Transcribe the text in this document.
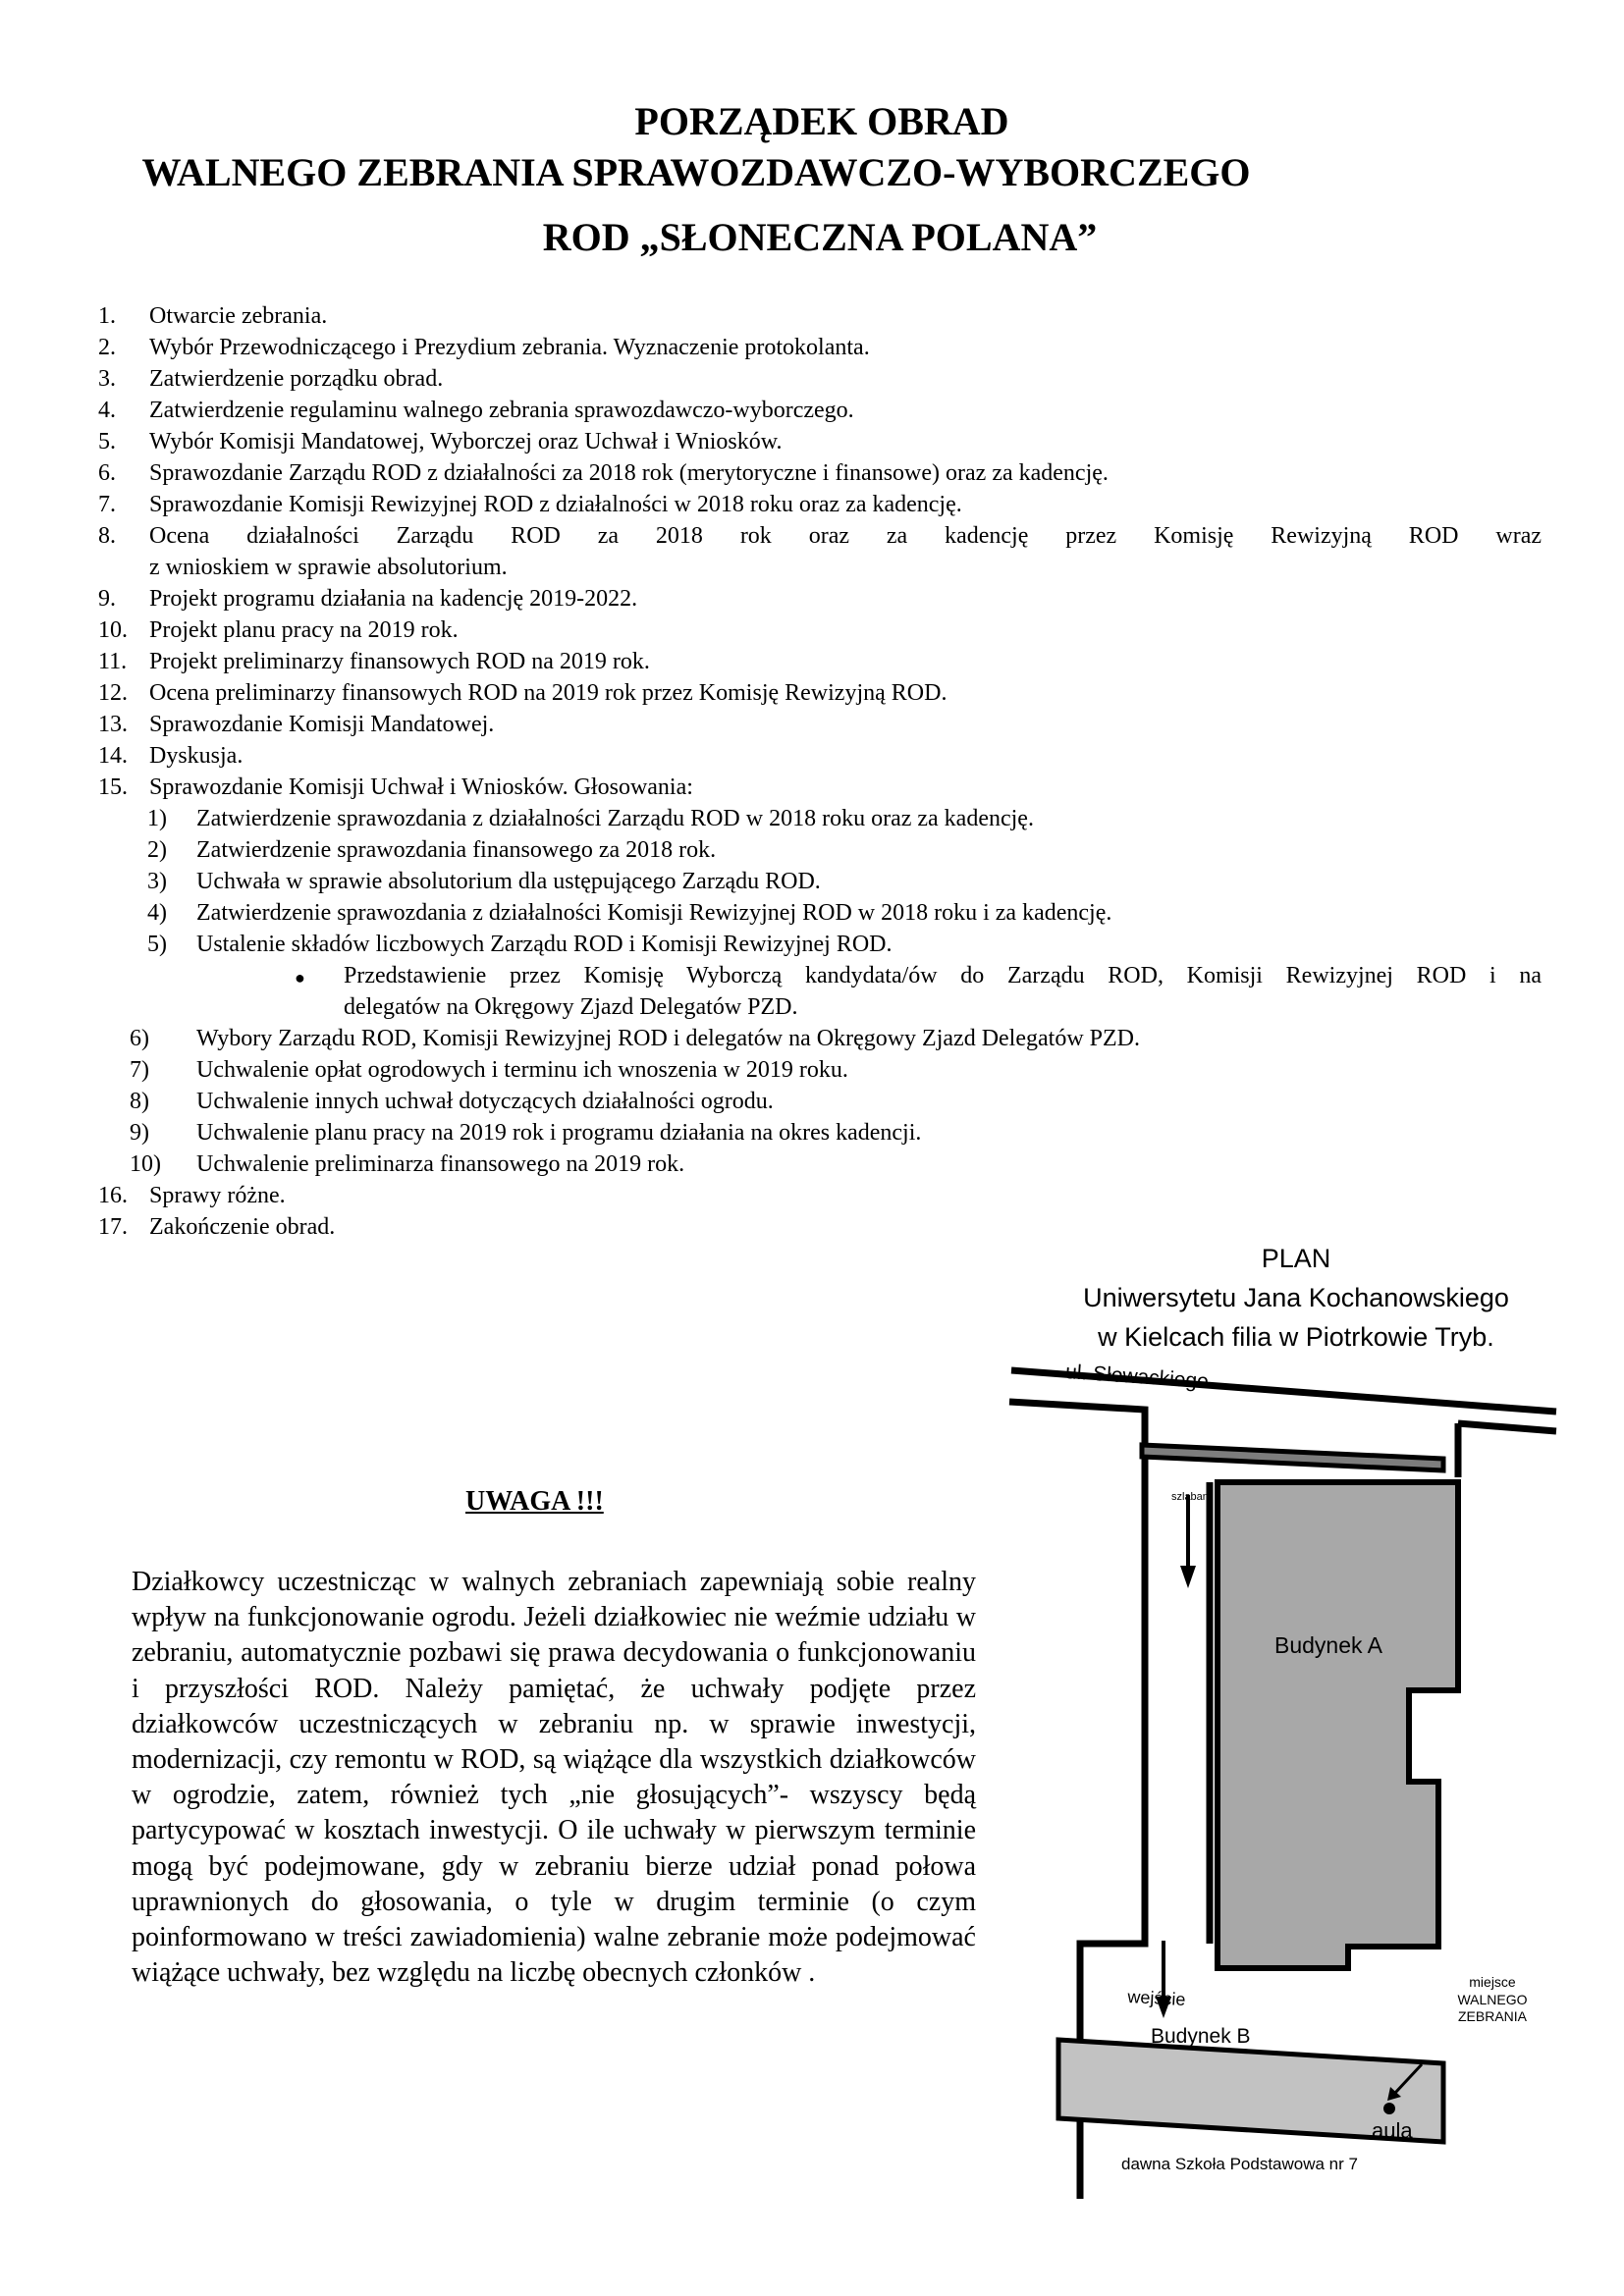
PORZĄDEK OBRAD
WALNEGO ZEBRANIA SPRAWOZDAWCZO-WYBORCZEGO
ROD „SŁONECZNA POLANA”
1.	Otwarcie zebrania.
2.	Wybór Przewodniczącego i Prezydium zebrania. Wyznaczenie protokolanta.
3.	Zatwierdzenie porządku obrad.
4.	Zatwierdzenie regulaminu walnego zebrania sprawozdawczo-wyborczego.
5.	Wybór Komisji Mandatowej, Wyborczej oraz Uchwał i Wniosków.
6.	Sprawozdanie Zarządu ROD z działalności za 2018 rok (merytoryczne i finansowe) oraz za kadencję.
7.	Sprawozdanie Komisji Rewizyjnej ROD z działalności w 2018 roku oraz za kadencję.
8.	Ocena działalności Zarządu ROD za 2018 rok oraz za kadencję przez Komisję Rewizyjną ROD wraz
z wnioskiem w sprawie absolutorium.
9.	Projekt programu działania na kadencję 2019-2022.
10. Projekt planu pracy na 2019 rok.
11. Projekt preliminarzy finansowych ROD na 2019 rok.
12. Ocena preliminarzy finansowych ROD na 2019 rok przez Komisję Rewizyjną ROD.
13. Sprawozdanie Komisji Mandatowej.
14. Dyskusja.
15. Sprawozdanie Komisji Uchwał i Wniosków. Głosowania:
1)	Zatwierdzenie sprawozdania z działalności Zarządu ROD w 2018 roku oraz za kadencję.
2)	Zatwierdzenie sprawozdania finansowego za 2018 rok.
3)	Uchwała w sprawie absolutorium dla ustępującego Zarządu ROD.
4)	Zatwierdzenie sprawozdania z działalności Komisji Rewizyjnej ROD w 2018 roku i za kadencję.
5)	Ustalenie składów liczbowych Zarządu ROD i Komisji Rewizyjnej ROD.
●	Przedstawienie przez Komisję Wyborczą kandydata/ów do Zarządu ROD, Komisji Rewizyjnej ROD i na
delegatów na Okręgowy Zjazd Delegatów PZD.
6)	Wybory Zarządu ROD, Komisji Rewizyjnej ROD i delegatów na Okręgowy Zjazd Delegatów PZD.
7)	Uchwalenie opłat ogrodowych i terminu ich wnoszenia w 2019 roku.
8)	Uchwalenie innych uchwał dotyczących działalności ogrodu.
9)	Uchwalenie planu pracy na 2019 rok i programu działania na okres kadencji.
10)	Uchwalenie preliminarza finansowego na 2019 rok.
16. Sprawy różne.
17. Zakończenie obrad.
UWAGA !!!
Działkowcy uczestnicząc w walnych zebraniach zapewniają sobie realny wpływ na funkcjonowanie ogrodu. Jeżeli działkowiec nie weźmie udziału w zebraniu, automatycznie pozbawi się prawa decydowania o funkcjonowaniu i przyszłości ROD. Należy pamiętać, że uchwały podjęte przez działkowców uczestniczących w zebraniu np. w sprawie inwestycji, modernizacji, czy remontu w ROD, są wiążące dla wszystkich działkowców w ogrodzie, zatem, również tych „nie głosujących”- wszyscy będą partycypować w kosztach inwestycji. O ile uchwały w pierwszym terminie mogą być podejmowane, gdy w zebraniu bierze udział ponad połowa uprawnionych do głosowania, o tyle w drugim terminie (o czym poinformowano w treści zawiadomienia) walne zebranie może podejmować wiążące uchwały, bez względu na liczbę obecnych członków .
PLAN
Uniwersytetu Jana Kochanowskiego
w Kielcach filia w Piotrkowie Tryb.
ul. Słowackiego
szlaban
Budynek A
Budynek B
wejście
miejsce
WALNEGO
ZEBRANIA
aula
dawna Szkoła Podstawowa nr 7
